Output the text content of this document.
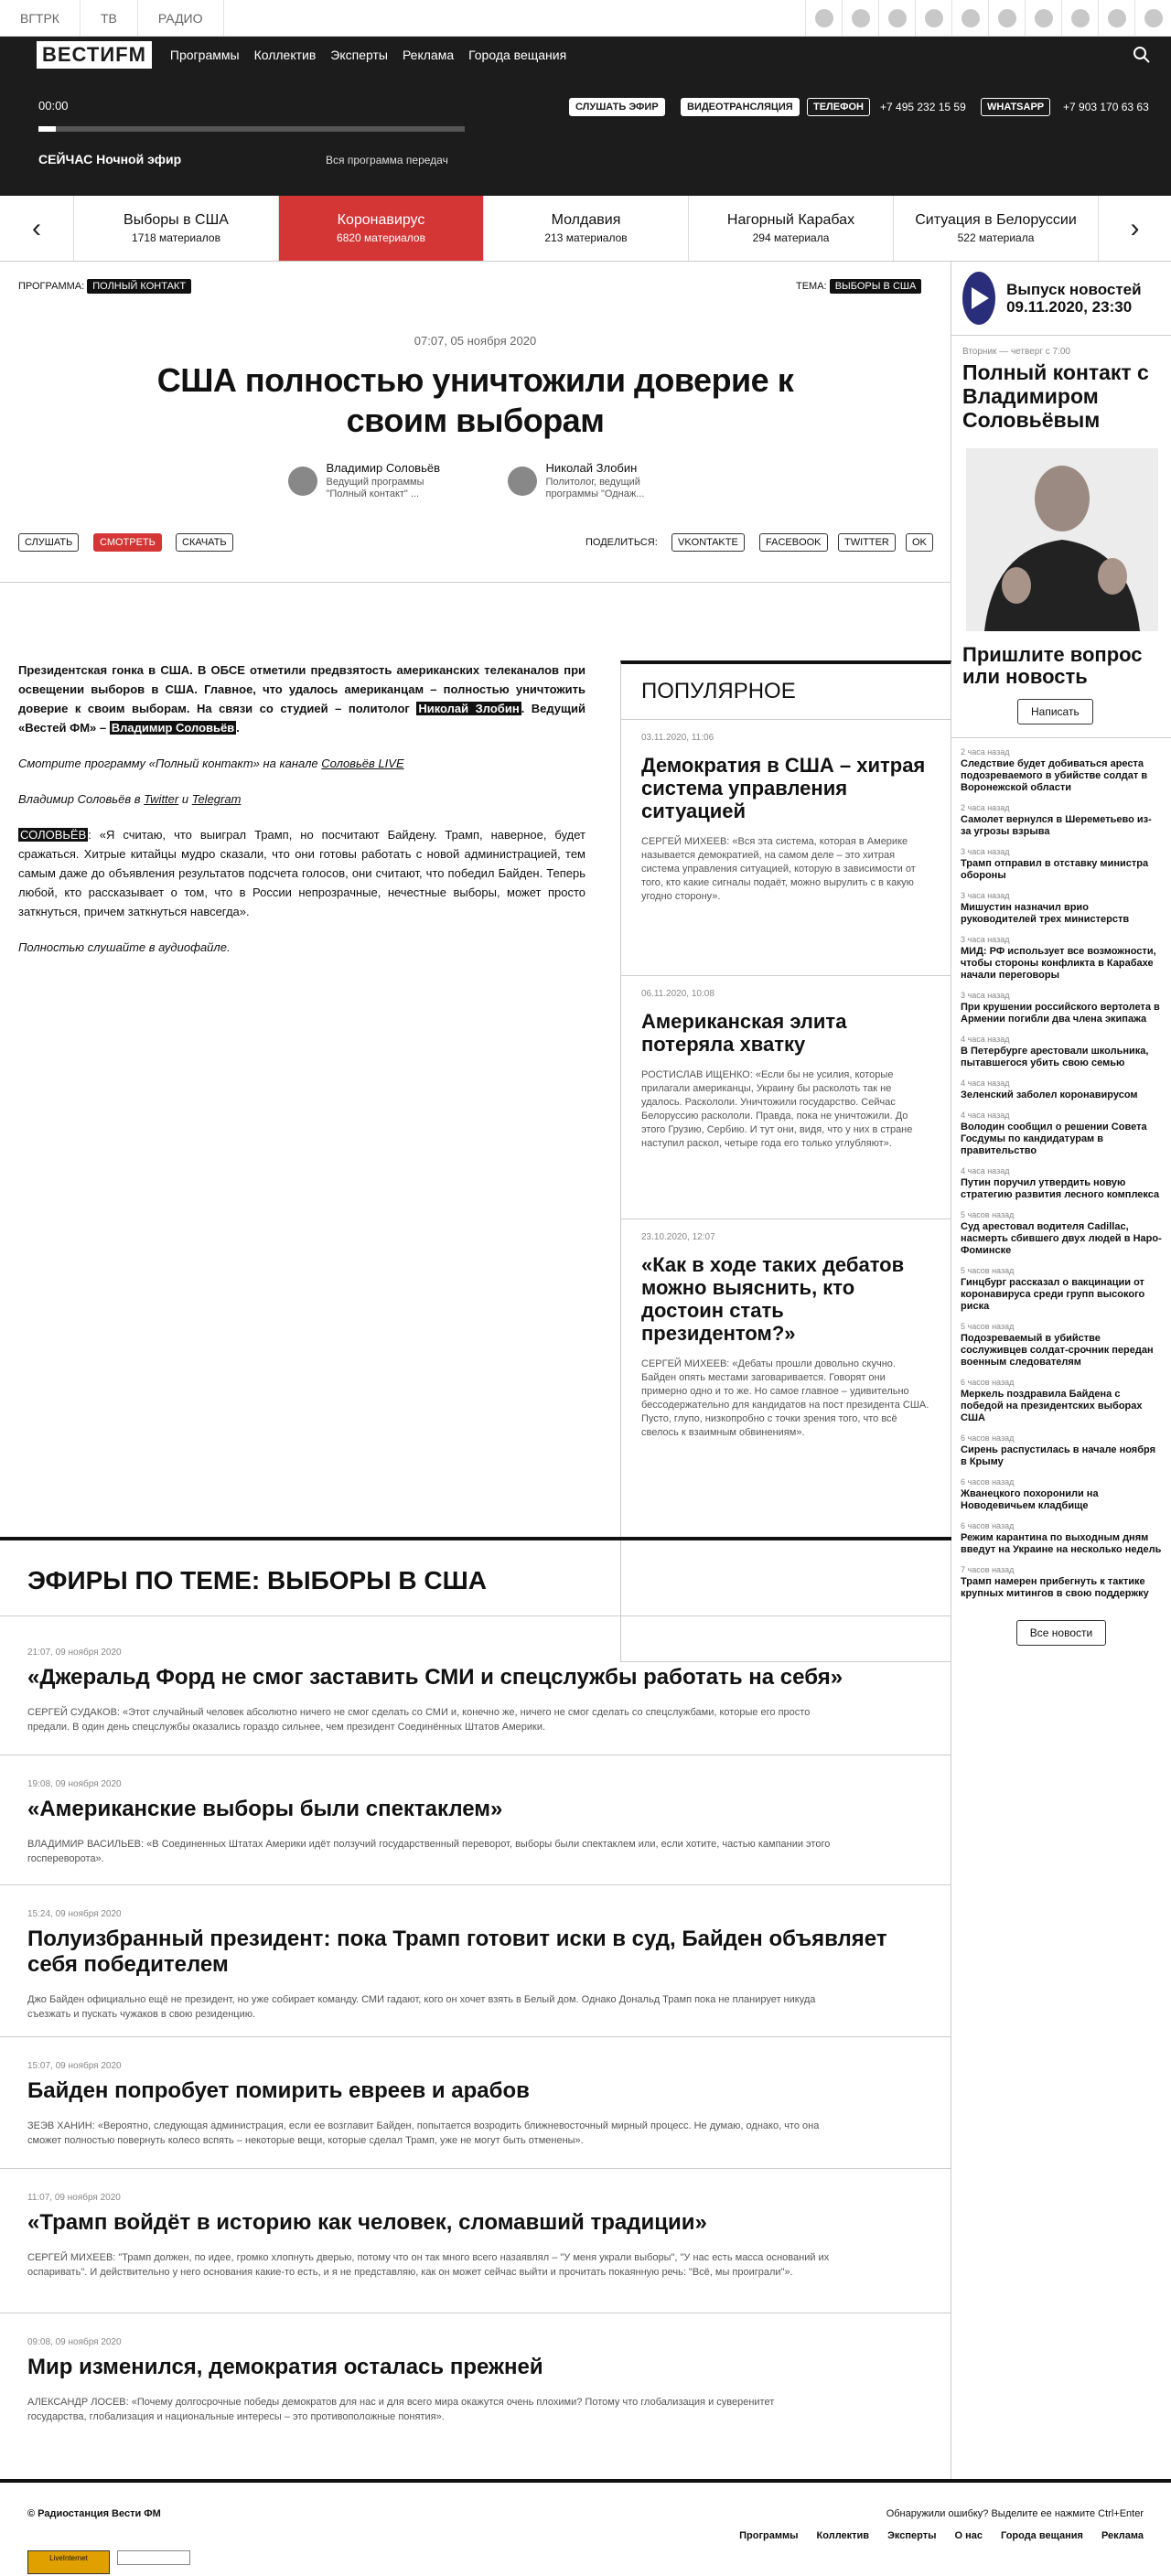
ВГТРК	ТВ	РАДИО
ВЕСТИFM	Программы Коллектив Эксперты Реклама Города вещания
00:00
СЕЙЧАС Ночной эфир	Вся программа передач
СЛУШАТЬ ЭФИР	ВИДЕОТРАНСЛЯЦИЯ	ТЕЛЕФОН	+7 495 232 15 59	WHATSAPP	+7 903 170 63 63
‹	Выборы в США
1718 материалов
Коронавирус
6820 материалов
Молдавия
213 материалов
Нагорный Карабах
294 материала
Ситуация в Белоруссии
522 материала	›
ПРОГРАММА: ПОЛНЫЙ КОНТАКТ	ТЕМА: ВЫБОРЫ В США
07:07, 05 ноября 2020
США полностью уничтожили доверие к своим выборам
Владимир Соловьёв
Ведущий программы "Полный контакт" ...
Николай Злобин
Политолог, ведущий программы "Однаж...
СЛУШАТЬ	СМОТРЕТЬ	СКАЧАТЬ	ПОДЕЛИТЬСЯ:	VKONTAKTE	FACEBOOK	TWITTER	OK

Президентская гонка в США. В ОБСЕ отметили предвзятость американских телеканалов при освещении выборов в США. Главное, что удалось американцам – полностью уничтожить доверие к своим выборам. На связи со студией – политолог Николай Злобин . Ведущий «Вестей ФМ» – Владимир Соловьёв .

Смотрите программу «Полный контакт» на канале Соловьёв LIVE

Владимир Соловьёв в Twitter и Telegram

СОЛОВЬЁВ : «Я считаю, что выиграл Трамп, но посчитают Байдену. Трамп, наверное, будет сражаться. Хитрые китайцы мудро сказали, что они готовы работать с новой администрацией, тем самым даже до объявления результатов подсчета голосов, они считают, что победил Байден. Теперь любой, кто рассказывает о том, что в России непрозрачные, нечестные выборы, может просто заткнуться, причем заткнуться навсегда».

Полностью слушайте в аудиофайле.

ПОПУЛЯРНОЕ
03.11.2020, 11:06
Демократия в США – хитрая система управления ситуацией
СЕРГЕЙ МИХЕЕВ: «Вся эта система, которая в Америке называется демократией, на самом деле – это хитрая система управления ситуацией, которую в зависимости от того, кто какие сигналы подаёт, можно вырулить с в какую угодно сторону».
06.11.2020, 10:08
Американская элита потеряла хватку
РОСТИСЛАВ ИЩЕНКО: «Если бы не усилия, которые прилагали американцы, Украину бы расколоть так не удалось. Раскололи. Уничтожили государство. Сейчас Белоруссию раскололи. Правда, пока не уничтожили. До этого Грузию, Сербию. И тут они, видя, что у них в стране наступил раскол, четыре года его только углубляют».
23.10.2020, 12:07
«Как в ходе таких дебатов можно выяснить, кто достоин стать президентом?»
СЕРГЕЙ МИХЕЕВ: «Дебаты прошли довольно скучно. Байден опять местами заговаривается. Говорят они примерно одно и то же. Но самое главное – удивительно бессодержательно для кандидатов на пост президента США. Пусто, глупо, низкопробно с точки зрения того, что всё свелось к взаимным обвинениям».
ЭФИРЫ ПО ТЕМЕ: ВЫБОРЫ В США
21:07, 09 ноября 2020
«Джеральд Форд не смог заставить СМИ и спецслужбы работать на себя»
СЕРГЕЙ СУДАКОВ: «Этот случайный человек абсолютно ничего не смог сделать со СМИ и, конечно же, ничего не смог сделать со спецслужбами, которые его просто предали. В один день спецслужбы оказались гораздо сильнее, чем президент Соединённых Штатов Америки.
19:08, 09 ноября 2020
«Американские выборы были спектаклем»
ВЛАДИМИР ВАСИЛЬЕВ: «В Соединенных Штатах Америки идёт ползучий государственный переворот, выборы были спектаклем или, если хотите, частью кампании этого госпереворота».
15:24, 09 ноября 2020
Полуизбранный президент: пока Трамп готовит иски в суд, Байден объявляет себя победителем
Джо Байден официально ещё не президент, но уже собирает команду. СМИ гадают, кого он хочет взять в Белый дом. Однако Дональд Трамп пока не планирует никуда съезжать и пускать чужаков в свою резиденцию.
15:07, 09 ноября 2020
Байден попробует помирить евреев и арабов
ЗЕЭВ ХАНИН: «Вероятно, следующая администрация, если ее возглавит Байден, попытается возродить ближневосточный мирный процесс. Не думаю, однако, что она сможет полностью повернуть колесо вспять – некоторые вещи, которые сделал Трамп, уже не могут быть отменены».
11:07, 09 ноября 2020
«Трамп войдёт в историю как человек, сломавший традиции»
СЕРГЕЙ МИХЕЕВ: "Трамп должен, по идее, громко хлопнуть дверью, потому что он так много всего назаявлял – "У меня украли выборы", "У нас есть масса оснований их оспаривать". И действительно у него основания какие-то есть, и я не представляю, как он может сейчас выйти и прочитать покаянную речь: "Всё, мы проиграли"».
09:08, 09 ноября 2020
Мир изменился, демократия осталась прежней
АЛЕКСАНДР ЛОСЕВ: «Почему долгосрочные победы демократов для нас и для всего мира окажутся очень плохими? Потому что глобализация и суверенитет государства, глобализация и национальные интересы – это противоположные понятия».
Выпуск новостей 09.11.2020, 23:30
Вторник — четверг с 7:00
Полный контакт с Владимиром Соловьёвым
Пришлите вопрос или новость
Написать
2 часа назад
Следствие будет добиваться ареста подозреваемого в убийстве солдат в Воронежской области
2 часа назад
Самолет вернулся в Шереметьево из-за угрозы взрыва
3 часа назад
Трамп отправил в отставку министра обороны
3 часа назад
Мишустин назначил врио руководителей трех министерств
3 часа назад
МИД: РФ использует все возможности, чтобы стороны конфликта в Карабахе начали переговоры
3 часа назад
При крушении российского вертолета в Армении погибли два члена экипажа
4 часа назад
В Петербурге арестовали школьника, пытавшегося убить свою семью
4 часа назад
Зеленский заболел коронавирусом
4 часа назад
Володин сообщил о решении Совета Госдумы по кандидатурам в правительство
4 часа назад
Путин поручил утвердить новую стратегию развития лесного комплекса
5 часов назад
Суд арестовал водителя Cadillac, насмерть сбившего двух людей в Наро-Фоминске
5 часов назад
Гинцбург рассказал о вакцинации от коронавируса среди групп высокого риска
5 часов назад
Подозреваемый в убийстве сослуживцев солдат-срочник передан военным следователям
6 часов назад
Меркель поздравила Байдена с победой на президентских выборах США
6 часов назад
Сирень распустилась в начале ноября в Крыму
6 часов назад
Жванецкого похоронили на Новодевичьем кладбище
6 часов назад
Режим карантина по выходным дням введут на Украине на несколько недель
7 часов назад
Трамп намерен прибегнуть к тактике крупных митингов в свою поддержку
Все новости
© Радиостанция Вести ФМ	Обнаружили ошибку? Выделите ее нажмите Ctrl+Enter
Программы Коллектив Эксперты О нас Города вещания Реклама
LiveInternet
